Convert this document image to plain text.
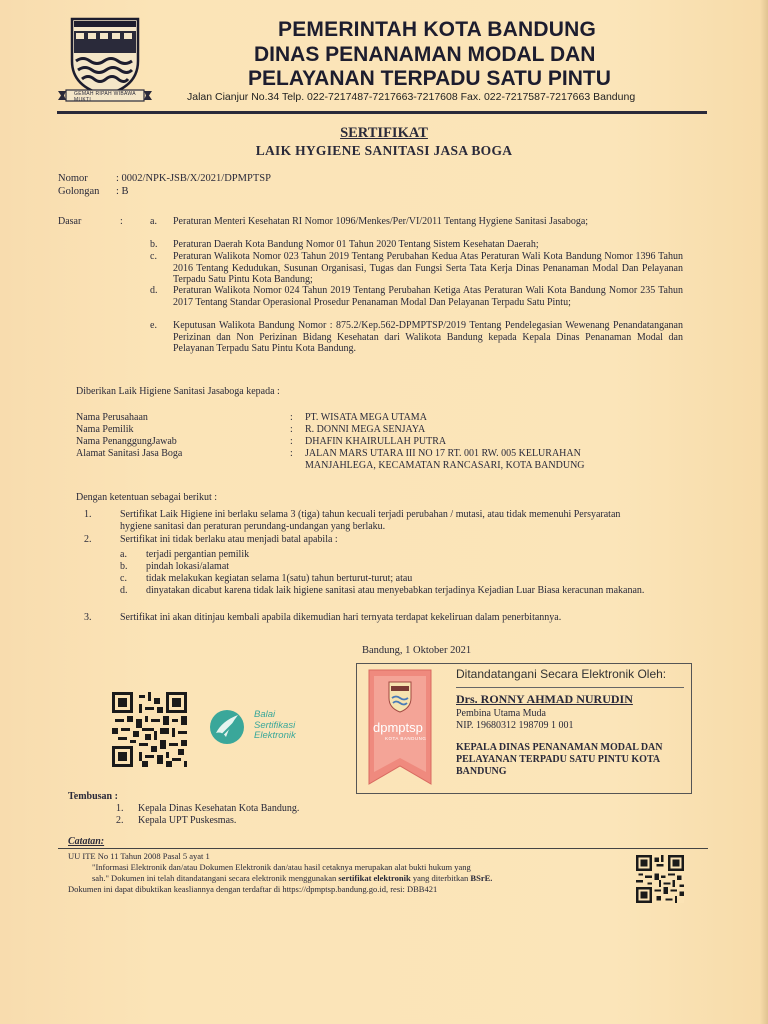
GEMAH RIPAH WIBAWA MUKTI
PEMERINTAH KOTA BANDUNG
DINAS PENANAMAN MODAL DAN
PELAYANAN TERPADU SATU PINTU
Jalan Cianjur No.34 Telp. 022-7217487-7217663-7217608 Fax. 022-7217587-7217663 Bandung
SERTIFIKAT
LAIK HYGIENE SANITASI JASA BOGA
Nomor	: 0002/NPK-JSB/X/2021/DPMPTSP
Golongan : B
Dasar	:	a. Peraturan Menteri Kesehatan RI Nomor 1096/Menkes/Per/VI/2011 Tentang Hygiene Sanitasi Jasaboga;
b. Peraturan Daerah Kota Bandung Nomor 01 Tahun 2020 Tentang Sistem Kesehatan Daerah;
c. Peraturan Walikota Nomor 023 Tahun 2019 Tentang Perubahan Kedua Atas Peraturan Wali Kota Bandung Nomor 1396 Tahun 2016 Tentang Kedudukan, Susunan Organisasi, Tugas dan Fungsi Serta Tata Kerja Dinas Penanaman Modal Dan Pelayanan Terpadu Satu Pintu Kota Bandung;
d. Peraturan Walikota Nomor 024 Tahun 2019 Tentang Perubahan Ketiga Atas Peraturan Wali Kota Bandung Nomor 235 Tahun 2017 Tentang Standar Operasional Prosedur Penanaman Modal Dan Pelayanan Terpadu Satu Pintu;
e. Keputusan Walikota Bandung Nomor : 875.2/Kep.562-DPMPTSP/2019 Tentang Pendelegasian Wewenang Penandatanganan Perizinan dan Non Perizinan Bidang Kesehatan dari Walikota Bandung kepada Kepala Dinas Penanaman Modal dan Pelayanan Terpadu Satu Pintu Kota Bandung.
Diberikan Laik Higiene Sanitasi Jasaboga kepada :
Nama Perusahaan	: PT. WISATA MEGA UTAMA
Nama Pemilik	: R. DONNI MEGA SENJAYA
Nama PenanggungJawab	: DHAFIN KHAIRULLAH PUTRA
Alamat Sanitasi Jasa Boga	: JALAN MARS UTARA III NO 17 RT. 001 RW. 005 KELURAHAN
MANJAHLEGA, KECAMATAN RANCASARI, KOTA BANDUNG
Dengan ketentuan sebagai berikut :
1.	Sertifikat Laik Higiene ini berlaku selama 3 (tiga) tahun kecuali terjadi perubahan / mutasi, atau tidak memenuhi Persyaratan hygiene sanitasi dan peraturan perundang-undangan yang berlaku.
2.	Sertifikat ini tidak berlaku atau menjadi batal apabila :
a. terjadi pergantian pemilik
b. pindah lokasi/alamat
c. tidak melakukan kegiatan selama 1(satu) tahun berturut-turut; atau
d. dinyatakan dicabut karena tidak laik higiene sanitasi atau menyebabkan terjadinya Kejadian Luar Biasa keracunan makanan.
3.	Sertifikat ini akan ditinjau kembali apabila dikemudian hari ternyata terdapat kekeliruan dalam penerbitannya.
Bandung, 1 Oktober 2021
Balai
Sertifikasi
Elektronik
dpmptsp
KOTA BANDUNG
Ditandatangani Secara Elektronik Oleh:
Drs. RONNY AHMAD NURUDIN
Pembina Utama Muda
NIP. 19680312 198709 1 001
KEPALA DINAS PENANAMAN MODAL DAN PELAYANAN TERPADU SATU PINTU KOTA BANDUNG
Tembusan :
1. Kepala Dinas Kesehatan Kota Bandung.
2. Kepala UPT Puskesmas.
Catatan:
UU ITE No 11 Tahun 2008 Pasal 5 ayat 1
"Informasi Elektronik dan/atau Dokumen Elektronik dan/atau hasil cetaknya merupakan alat bukti hukum yang
sah." Dokumen ini telah ditandatangani secara elektronik menggunakan sertifikat elektronik yang diterbitkan BSrE.
Dokumen ini dapat dibuktikan keasliannya dengan terdaftar di https://dpmptsp.bandung.go.id, resi: DBB421
